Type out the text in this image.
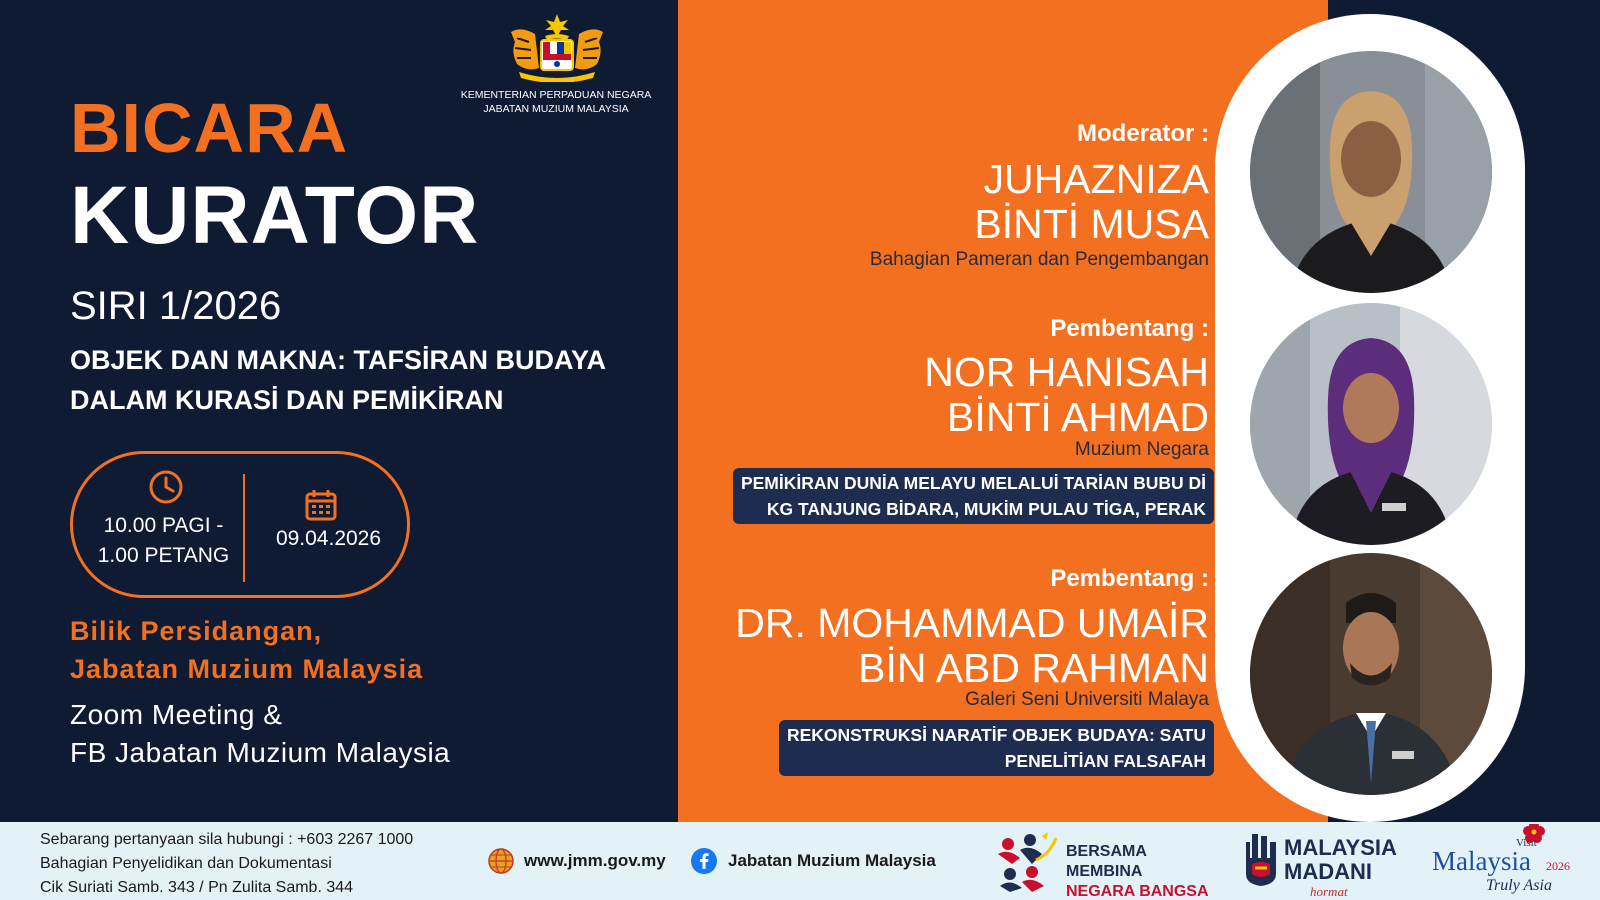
KEMENTERIAN PERPADUAN NEGARA
JABATAN MUZIUM MALAYSIA
BICARA
KURATOR
SIRI 1/2026
OBJEK DAN MAKNA: TAFSİRAN BUDAYA
DALAM KURASİ DAN PEMİKİRAN
10.00 PAGI -
1.00 PETANG
09.04.2026
Bilik Persidangan,
Jabatan Muzium Malaysia
Zoom Meeting &
FB Jabatan Muzium Malaysia
Moderator :
JUHAZNIZA
BİNTİ MUSA
Bahagian Pameran dan Pengembangan
Pembentang :
NOR HANISAH
BİNTİ AHMAD
Muzium Negara
PEMİKİRAN DUNİA MELAYU MELALUİ TARİAN BUBU Dİ
KG TANJUNG BİDARA, MUKİM PULAU TİGA, PERAK
Pembentang :
DR. MOHAMMAD UMAİR
BİN ABD RAHMAN
Galeri Seni Universiti Malaya
REKONSTRUKSİ NARATİF OBJEK BUDAYA: SATU
PENELİTİAN FALSAFAH
Sebarang pertanyaan sila hubungi : +603 2267 1000
Bahagian Penyelidikan dan Dokumentasi
Cik Suriati Samb. 343 / Pn Zulita Samb. 344
www.jmm.gov.my	Jabatan Muzium Malaysia	BERSAMA MEMBINA
NEGARA BANGSA
MALAYSIA
MADANI
hormat
Visit
Malaysia 2026
Truly Asia
